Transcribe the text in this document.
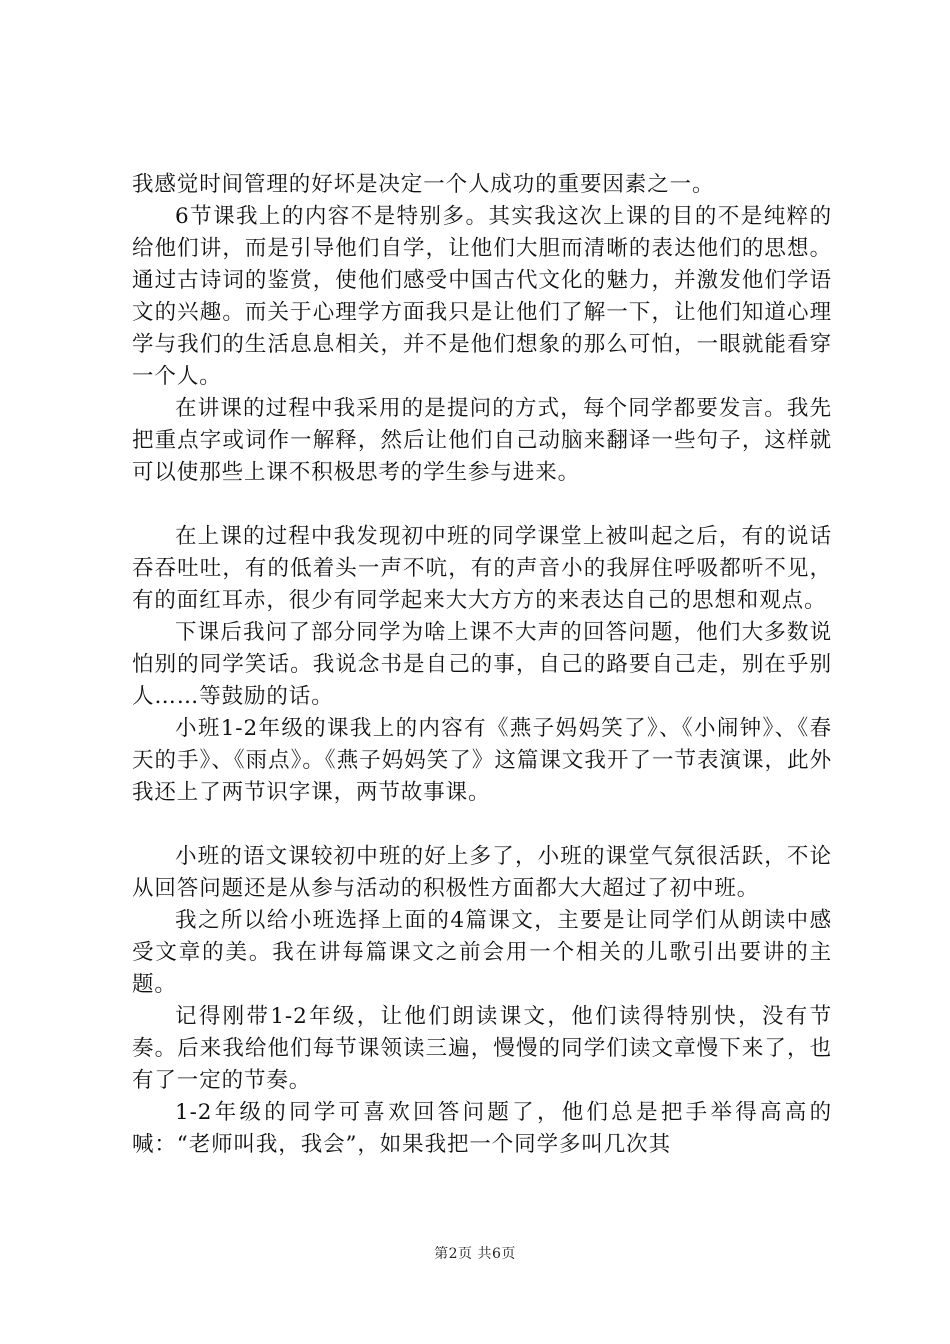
我感觉时间管理的好坏是决定一个人成功的重要因素之一。

6节课我上的内容不是特别多。其实我这次上课的目的不是纯粹的给他们讲，而是引导他们自学，让他们大胆而清晰的表达他们的思想。通过古诗词的鉴赏，使他们感受中国古代文化的魅力，并激发他们学语文的兴趣。而关于心理学方面我只是让他们了解一下，让他们知道心理学与我们的生活息息相关，并不是他们想象的那么可怕，一眼就能看穿一个人。

在讲课的过程中我采用的是提问的方式，每个同学都要发言。我先把重点字或词作一解释，然后让他们自己动脑来翻译一些句子，这样就可以使那些上课不积极思考的学生参与进来。

在上课的过程中我发现初中班的同学课堂上被叫起之后，有的说话吞吞吐吐，有的低着头一声不吭，有的声音小的我屏住呼吸都听不见，有的面红耳赤，很少有同学起来大大方方的来表达自己的思想和观点。

下课后我问了部分同学为啥上课不大声的回答问题，他们大多数说怕别的同学笑话。我说念书是自己的事，自己的路要自己走，别在乎别人……等鼓励的话。

小班1-2年级的课我上的内容有《燕子妈妈笑了》、《小闹钟》、《春天的手》、《雨点》。《燕子妈妈笑了》这篇课文我开了一节表演课，此外我还上了两节识字课，两节故事课。

小班的语文课较初中班的好上多了，小班的课堂气氛很活跃，不论从回答问题还是从参与活动的积极性方面都大大超过了初中班。

我之所以给小班选择上面的4篇课文，主要是让同学们从朗读中感受文章的美。我在讲每篇课文之前会用一个相关的儿歌引出要讲的主题。

记得刚带1-2年级，让他们朗读课文，他们读得特别快，没有节奏。后来我给他们每节课领读三遍，慢慢的同学们读文章慢下来了，也有了一定的节奏。

1-2年级的同学可喜欢回答问题了，他们总是把手举得高高的喊：“老师叫我，我会”，如果我把一个同学多叫几次其

第2页 共6页
